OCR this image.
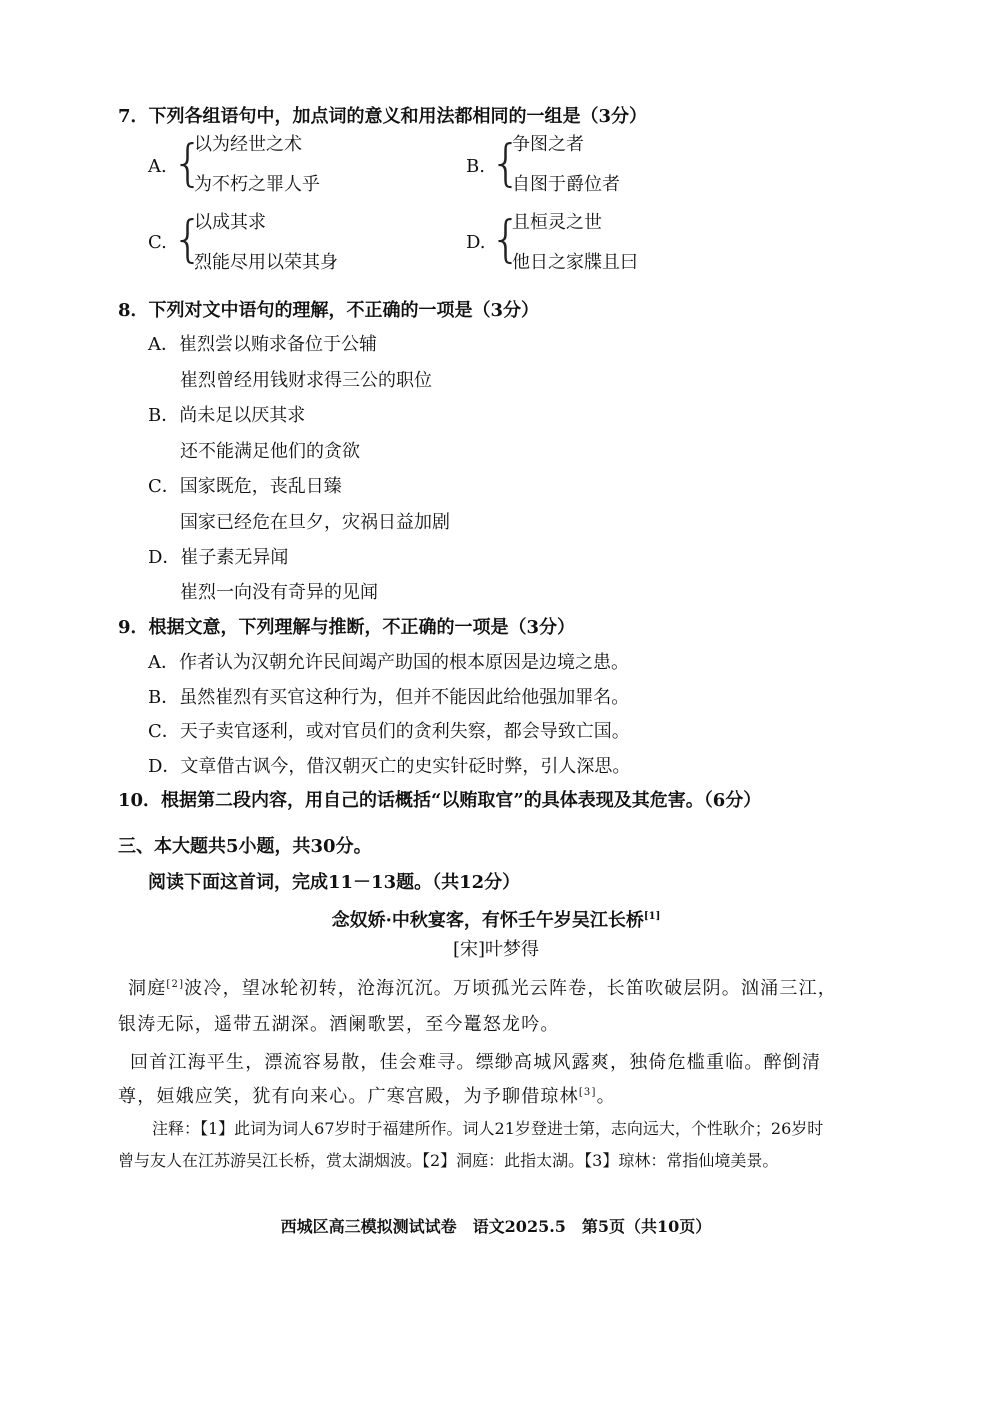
7．下列各组语句中，加点词的意义和用法都相同的一组是（3分）
A. {
以为经世之术
为不朽之罪人乎
B. {
争图之者
自图于爵位者
C. {
以成其求
烈能尽用以荣其身
D. {
且桓灵之世
他日之家牒且曰
8．下列对文中语句的理解，不正确的一项是（3分）
A．崔烈尝以贿求备位于公辅
崔烈曾经用钱财求得三公的职位
B．尚未足以厌其求
还不能满足他们的贪欲
C．国家既危，丧乱日臻
国家已经危在旦夕，灾祸日益加剧
D．崔子素无异闻
崔烈一向没有奇异的见闻
9．根据文意，下列理解与推断，不正确的一项是（3分）
A．作者认为汉朝允许民间竭产助国的根本原因是边境之患。
B．虽然崔烈有买官这种行为，但并不能因此给他强加罪名。
C．天子卖官逐利，或对官员们的贪利失察，都会导致亡国。
D．文章借古讽今，借汉朝灭亡的史实针砭时弊，引人深思。
10．根据第二段内容，用自己的话概括“以贿取官”的具体表现及其危害。（6分）
三、本大题共5小题，共30分。
阅读下面这首词，完成11－13题。（共12分）
念奴娇·中秋宴客，有怀壬午岁吴江长桥[1]
[宋]叶梦得
洞庭[2]波冷，望冰轮初转，沧海沉沉。万顷孤光云阵卷，长笛吹破层阴。汹涌三江，
银涛无际，遥带五湖深。酒阑歌罢，至今鼍怒龙吟。
回首江海平生，漂流容易散，佳会难寻。缥缈高城风露爽，独倚危槛重临。醉倒清
尊，姮娥应笑，犹有向来心。广寒宫殿，为予聊借琼林[3]。
注释：【1】此词为词人67岁时于福建所作。词人21岁登进士第，志向远大，个性耿介；26岁时
曾与友人在江苏游吴江长桥，赏太湖烟波。【2】洞庭：此指太湖。【3】琼林：常指仙境美景。
西城区高三模拟测试试卷　语文2025.5　第5页（共10页）
